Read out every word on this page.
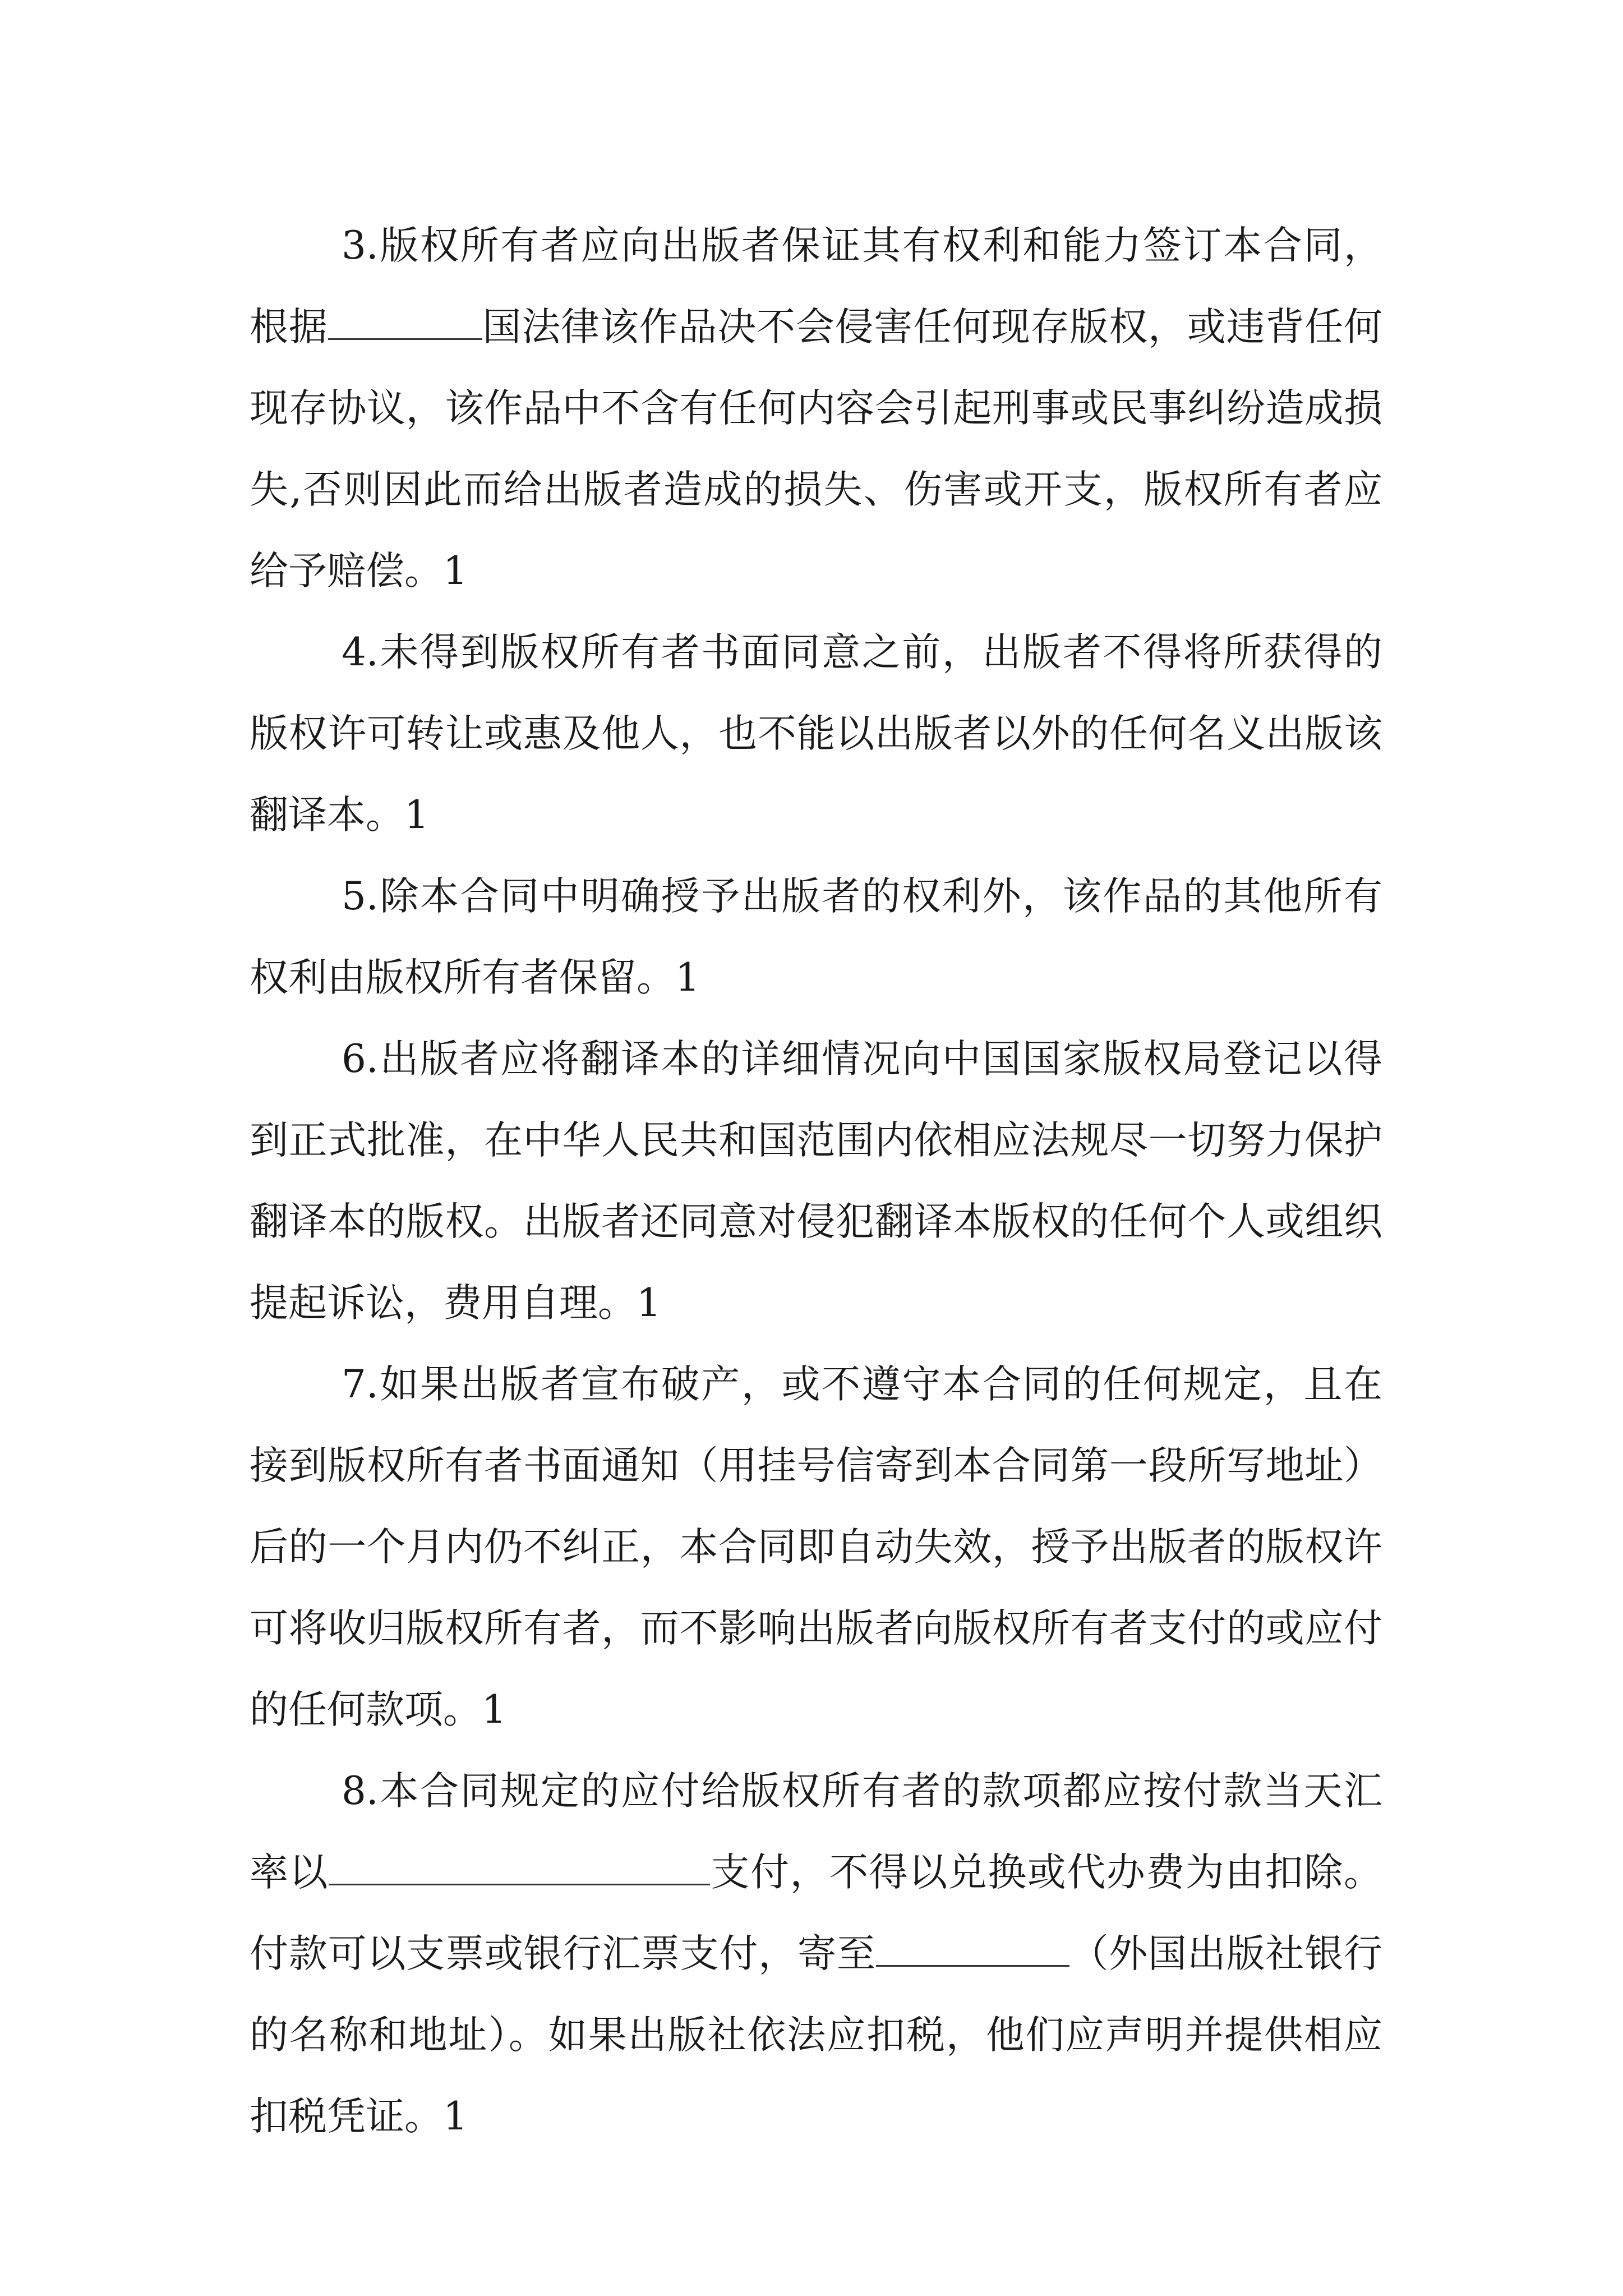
3.版权所有者应向出版者保证其有权利和能力签订本合同，根据	国法律该作品决不会侵害任何现存版权，或违背任何现存协议，该作品中不含有任何内容会引起刑事或民事纠纷造成损失,否则因此而给出版者造成的损失、伤害或开支，版权所有者应给予赔偿。1

4.未得到版权所有者书面同意之前，出版者不得将所获得的版权许可转让或惠及他人，也不能以出版者以外的任何名义出版该翻译本。1

5.除本合同中明确授予出版者的权利外，该作品的其他所有权利由版权所有者保留。1

6.出版者应将翻译本的详细情况向中国国家版权局登记以得到正式批准，在中华人民共和国范围内依相应法规尽一切努力保护翻译本的版权。出版者还同意对侵犯翻译本版权的任何个人或组织提起诉讼，费用自理。1

7.如果出版者宣布破产，或不遵守本合同的任何规定，且在接到版权所有者书面通知（用挂号信寄到本合同第一段所写地址）后的一个月内仍不纠正，本合同即自动失效，授予出版者的版权许可将收归版权所有者，而不影响出版者向版权所有者支付的或应付的任何款项。1

8.本合同规定的应付给版权所有者的款项都应按付款当天汇率以	支付，不得以兑换或代办费为由扣除。付款可以支票或银行汇票支付，寄至	（外国出版社银行的名称和地址）。如果出版社依法应扣税，他们应声明并提供相应扣税凭证。1
